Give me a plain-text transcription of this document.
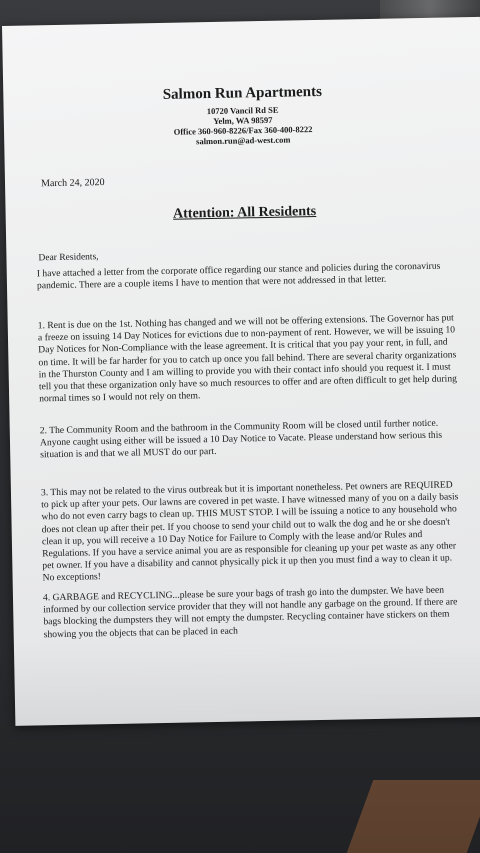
Salmon Run Apartments
10720 Vancil Rd SE
Yelm, WA 98597
Office 360-960-8226/Fax 360-400-8222
salmon.run@ad-west.com
March 24, 2020
Attention: All Residents
Dear Residents,

I have attached a letter from the corporate office regarding our stance and policies during the coronavirus pandemic. There are a couple items I have to mention that were not addressed in that letter.

1. Rent is due on the 1st. Nothing has changed and we will not be offering extensions. The Governor has put a freeze on issuing 14 Day Notices for evictions due to non-payment of rent. However, we will be issuing 10 Day Notices for Non-Compliance with the lease agreement. It is critical that you pay your rent, in full, and on time. It will be far harder for you to catch up once you fall behind. There are several charity organizations in the Thurston County and I am willing to provide you with their contact info should you request it. I must tell you that these organization only have so much resources to offer and are often difficult to get help during normal times so I would not rely on them.

2. The Community Room and the bathroom in the Community Room will be closed until further notice. Anyone caught using either will be issued a 10 Day Notice to Vacate. Please understand how serious this situation is and that we all MUST do our part.

3. This may not be related to the virus outbreak but it is important nonetheless. Pet owners are REQUIRED to pick up after your pets. Our lawns are covered in pet waste. I have witnessed many of you on a daily basis who do not even carry bags to clean up. THIS MUST STOP. I will be issuing a notice to any household who does not clean up after their pet. If you choose to send your child out to walk the dog and he or she doesn't clean it up, you will receive a 10 Day Notice for Failure to Comply with the lease and/or Rules and Regulations. If you have a service animal you are as responsible for cleaning up your pet waste as any other pet owner. If you have a disability and cannot physically pick it up then you must find a way to clean it up. No exceptions!

4. GARBAGE and RECYCLING...please be sure your bags of trash go into the dumpster. We have been informed by our collection service provider that they will not handle any garbage on the ground. If there are bags blocking the dumpsters they will not empty the dumpster. Recycling container have stickers on them showing you the objects that can be placed in each
